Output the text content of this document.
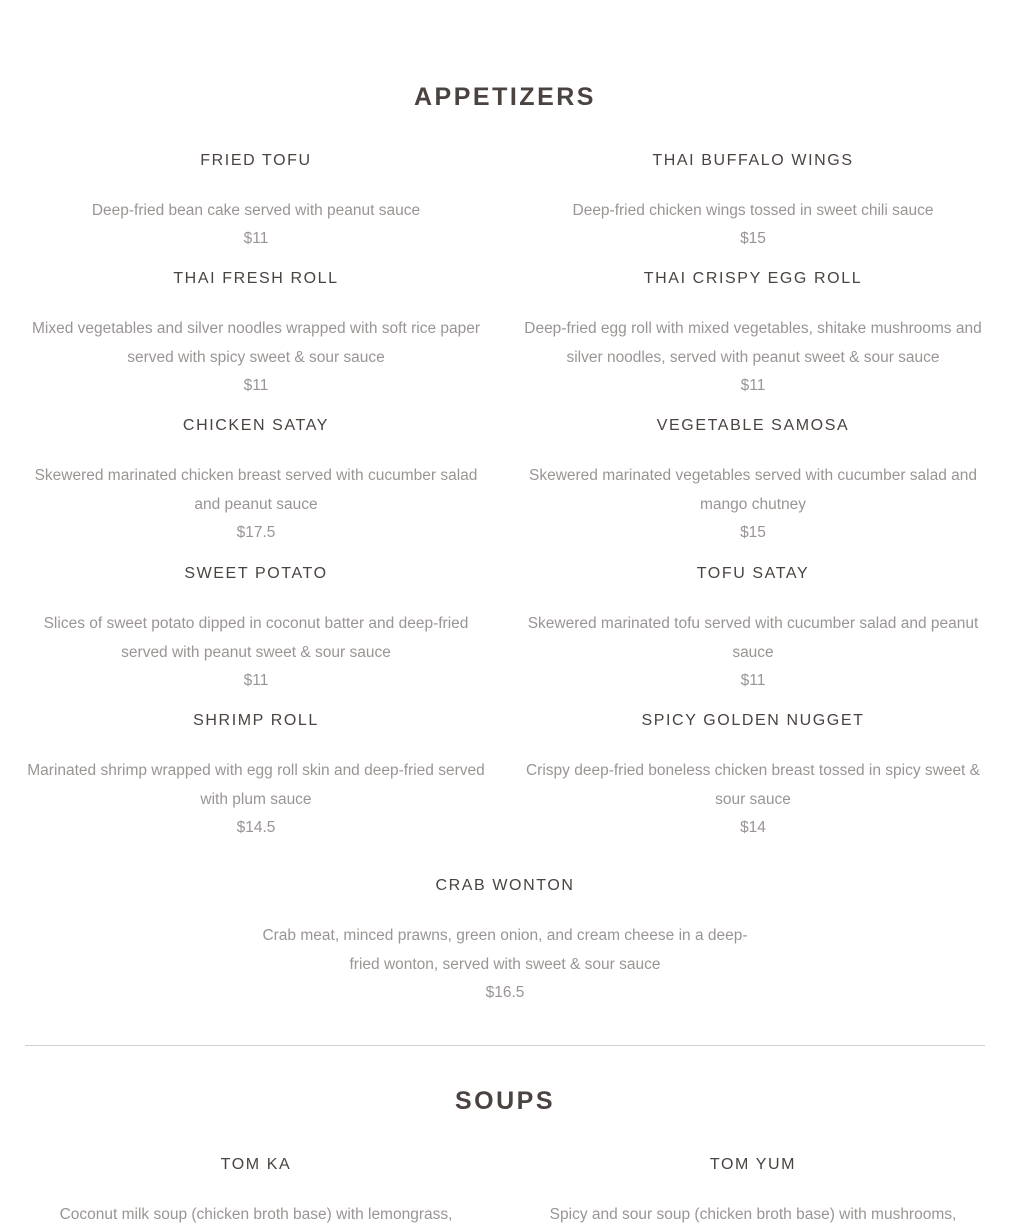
APPETIZERS
FRIED TOFU
Deep-fried bean cake served with peanut sauce
$11
THAI BUFFALO WINGS
Deep-fried chicken wings tossed in sweet chili sauce
$15
THAI FRESH ROLL
Mixed vegetables and silver noodles wrapped with soft rice paper served with spicy sweet & sour sauce
$11
THAI CRISPY EGG ROLL
Deep-fried egg roll with mixed vegetables, shitake mushrooms and silver noodles, served with peanut sweet & sour sauce
$11
CHICKEN SATAY
Skewered marinated chicken breast served with cucumber salad and peanut sauce
$17.5
VEGETABLE SAMOSA
Skewered marinated vegetables served with cucumber salad and mango chutney
$15
SWEET POTATO
Slices of sweet potato dipped in coconut batter and deep-fried served with peanut sweet & sour sauce
$11
TOFU SATAY
Skewered marinated tofu served with cucumber salad and peanut sauce
$11
SHRIMP ROLL
Marinated shrimp wrapped with egg roll skin and deep-fried served with plum sauce
$14.5
SPICY GOLDEN NUGGET
Crispy deep-fried boneless chicken breast tossed in spicy sweet & sour sauce
$14
CRAB WONTON
Crab meat, minced prawns, green onion, and cream cheese in a deep-fried wonton, served with sweet & sour sauce
$16.5
SOUPS
TOM KA
Coconut milk soup (chicken broth base) with lemongrass,
TOM YUM
Spicy and sour soup (chicken broth base) with mushrooms,
